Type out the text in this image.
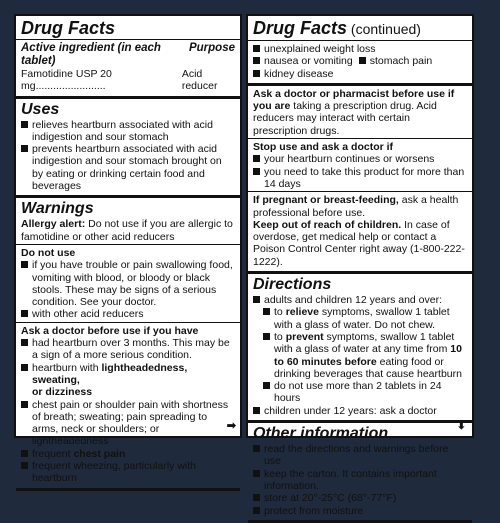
Drug Facts
Active ingredient (in each tablet)
Purpose
Famotidine USP 20 mg........................
Acid reducer
Uses
relieves heartburn associated with acid indigestion and sour stomach
prevents heartburn associated with acid indigestion and sour stomach brought on by eating or drinking certain food and beverages
Warnings
Allergy alert: Do not use if you are allergic to famotidine or other acid reducers
Do not use
if you have trouble or pain swallowing food, vomiting with blood, or bloody or black stools. These may be signs of a serious condition. See your doctor.
with other acid reducers
Ask a doctor before use if you have
had heartburn over 3 months. This may be a sign of a more serious condition.
heartburn with lightheadedness, sweating,
or dizziness
chest pain or shoulder pain with shortness of breath; sweating; pain spreading to arms, neck or shoulders; or lightheadedness
frequent chest pain
frequent wheezing, particularly with heartburn
➡
Drug Facts (continued)
unexplained weight loss
nausea or vomiting stomach pain
kidney disease
Ask a doctor or pharmacist before use if you are taking a prescription drug. Acid reducers may interact with certain prescription drugs.
Stop use and ask a doctor if
your heartburn continues or worsens
you need to take this product for more than 14 days
If pregnant or breast-feeding, ask a health professional before use.
Keep out of reach of children. In case of overdose, get medical help or contact a Poison Control Center right away (1-800-222-1222).
Directions
adults and children 12 years and over:
to relieve symptoms, swallow 1 tablet with a glass of water. Do not chew.
to prevent symptoms, swallow 1 tablet with a glass of water at any time from 10 to 60 minutes before eating food or drinking beverages that cause heartburn
do not use more than 2 tablets in 24 hours
children under 12 years: ask a doctor
Other information
read the directions and warnings before use
keep the carton. It contains important information.
store at 20°-25°C (68°-77°F)
protect from moisture
⬇
